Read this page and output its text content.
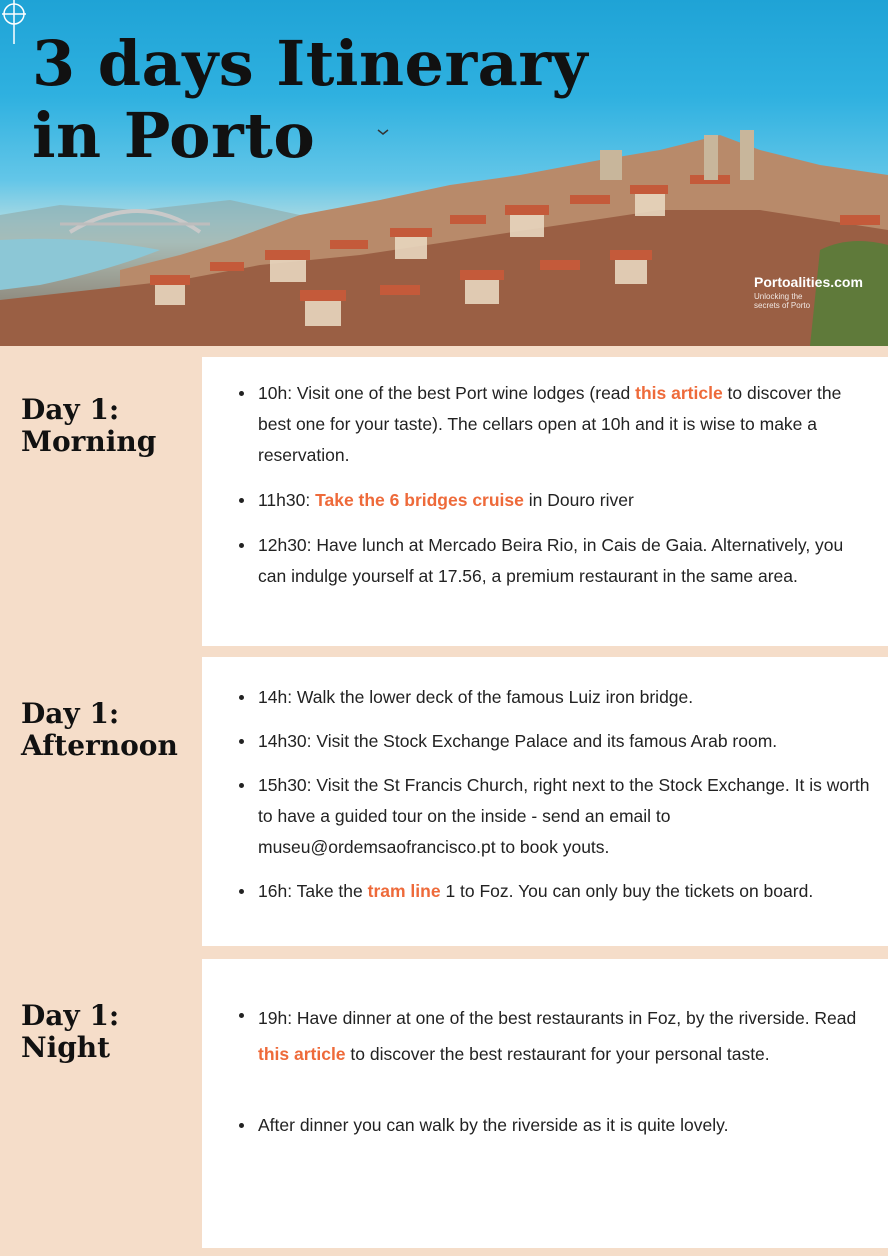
3 days Itinerary
in Porto
Portoalities.com
Unlocking the secrets of Porto
Day 1:
Morning
10h: Visit one of the best Port wine lodges (read this article to discover the best one for your taste). The cellars open at 10h and it is wise to make a reservation.
11h30: Take the 6 bridges cruise in Douro river
12h30: Have lunch at Mercado Beira Rio, in Cais de Gaia. Alternatively, you can indulge yourself at 17.56, a premium restaurant in the same area.
Day 1:
Afternoon
14h: Walk the lower deck of the famous Luiz iron bridge.
14h30: Visit the Stock Exchange Palace and its famous Arab room.
15h30: Visit the St Francis Church, right next to the Stock Exchange. It is worth to have a guided tour on the inside - send an email to museu@ordemsaofrancisco.pt to book youts.
16h: Take the tram line 1 to Foz. You can only buy the tickets on board.
Day 1:
Night
19h: Have dinner at one of the best restaurants in Foz, by the riverside. Read this article to discover the best restaurant for your personal taste.
After dinner you can walk by the riverside as it is quite lovely.
